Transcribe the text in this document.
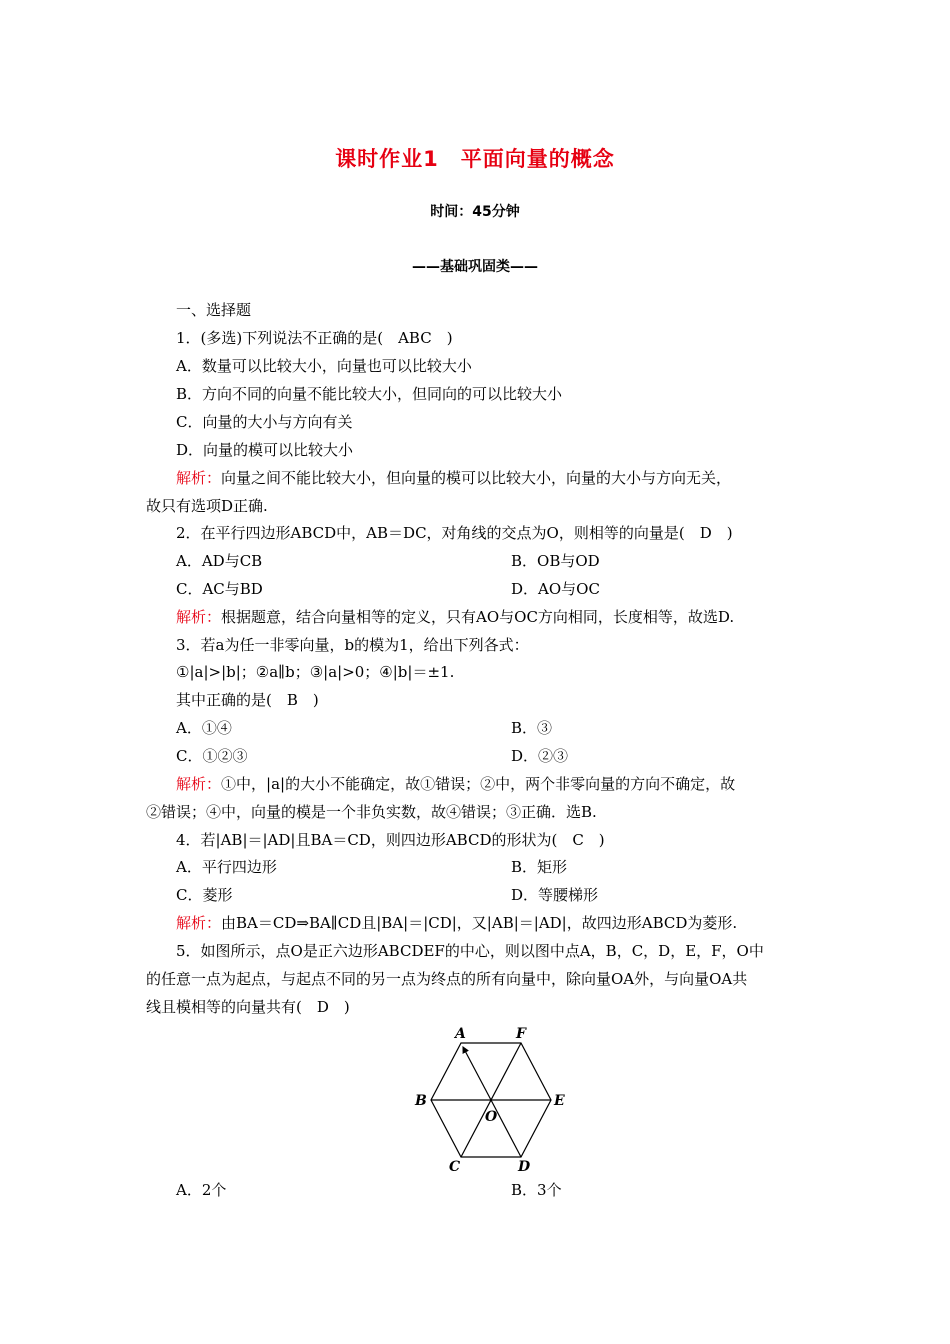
课时作业1　平面向量的概念
时间：45分钟
——基础巩固类——
一、选择题
1．(多选)下列说法不正确的是(　ABC　)
A．数量可以比较大小，向量也可以比较大小
B．方向不同的向量不能比较大小，但同向的可以比较大小
C．向量的大小与方向有关
D．向量的模可以比较大小
解析：向量之间不能比较大小，但向量的模可以比较大小，向量的大小与方向无关，
故只有选项D正确.
2．在平行四边形ABCD中，AB＝DC，对角线的交点为O，则相等的向量是(　D　)
A．AD与CB	B．OB与OD
C．AC与BD	D．AO与OC
解析：根据题意，结合向量相等的定义，只有AO与OC方向相同，长度相等，故选D.
3．若a为任一非零向量，b的模为1，给出下列各式：
①|a|>|b|；②a∥b；③|a|>0；④|b|＝±1.
其中正确的是(　B　)
A．①④	B．③
C．①②③	D．②③
解析：①中，|a|的大小不能确定，故①错误；②中，两个非零向量的方向不确定，故
②错误；④中，向量的模是一个非负实数，故④错误；③正确．选B.
4．若|AB|＝|AD|且BA＝CD，则四边形ABCD的形状为(　C　)
A．平行四边形	B．矩形
C．菱形	D．等腰梯形
解析：由BA＝CD⇒BA∥CD且|BA|＝|CD|，又|AB|＝|AD|，故四边形ABCD为菱形.
5．如图所示，点O是正六边形ABCDEF的中心，则以图中点A，B，C，D，E，F，O中
的任意一点为起点，与起点不同的另一点为终点的所有向量中，除向量OA外，与向量OA共
线且模相等的向量共有(　D　)
A	F
B	E
O
C	D
A．2个	B．3个
